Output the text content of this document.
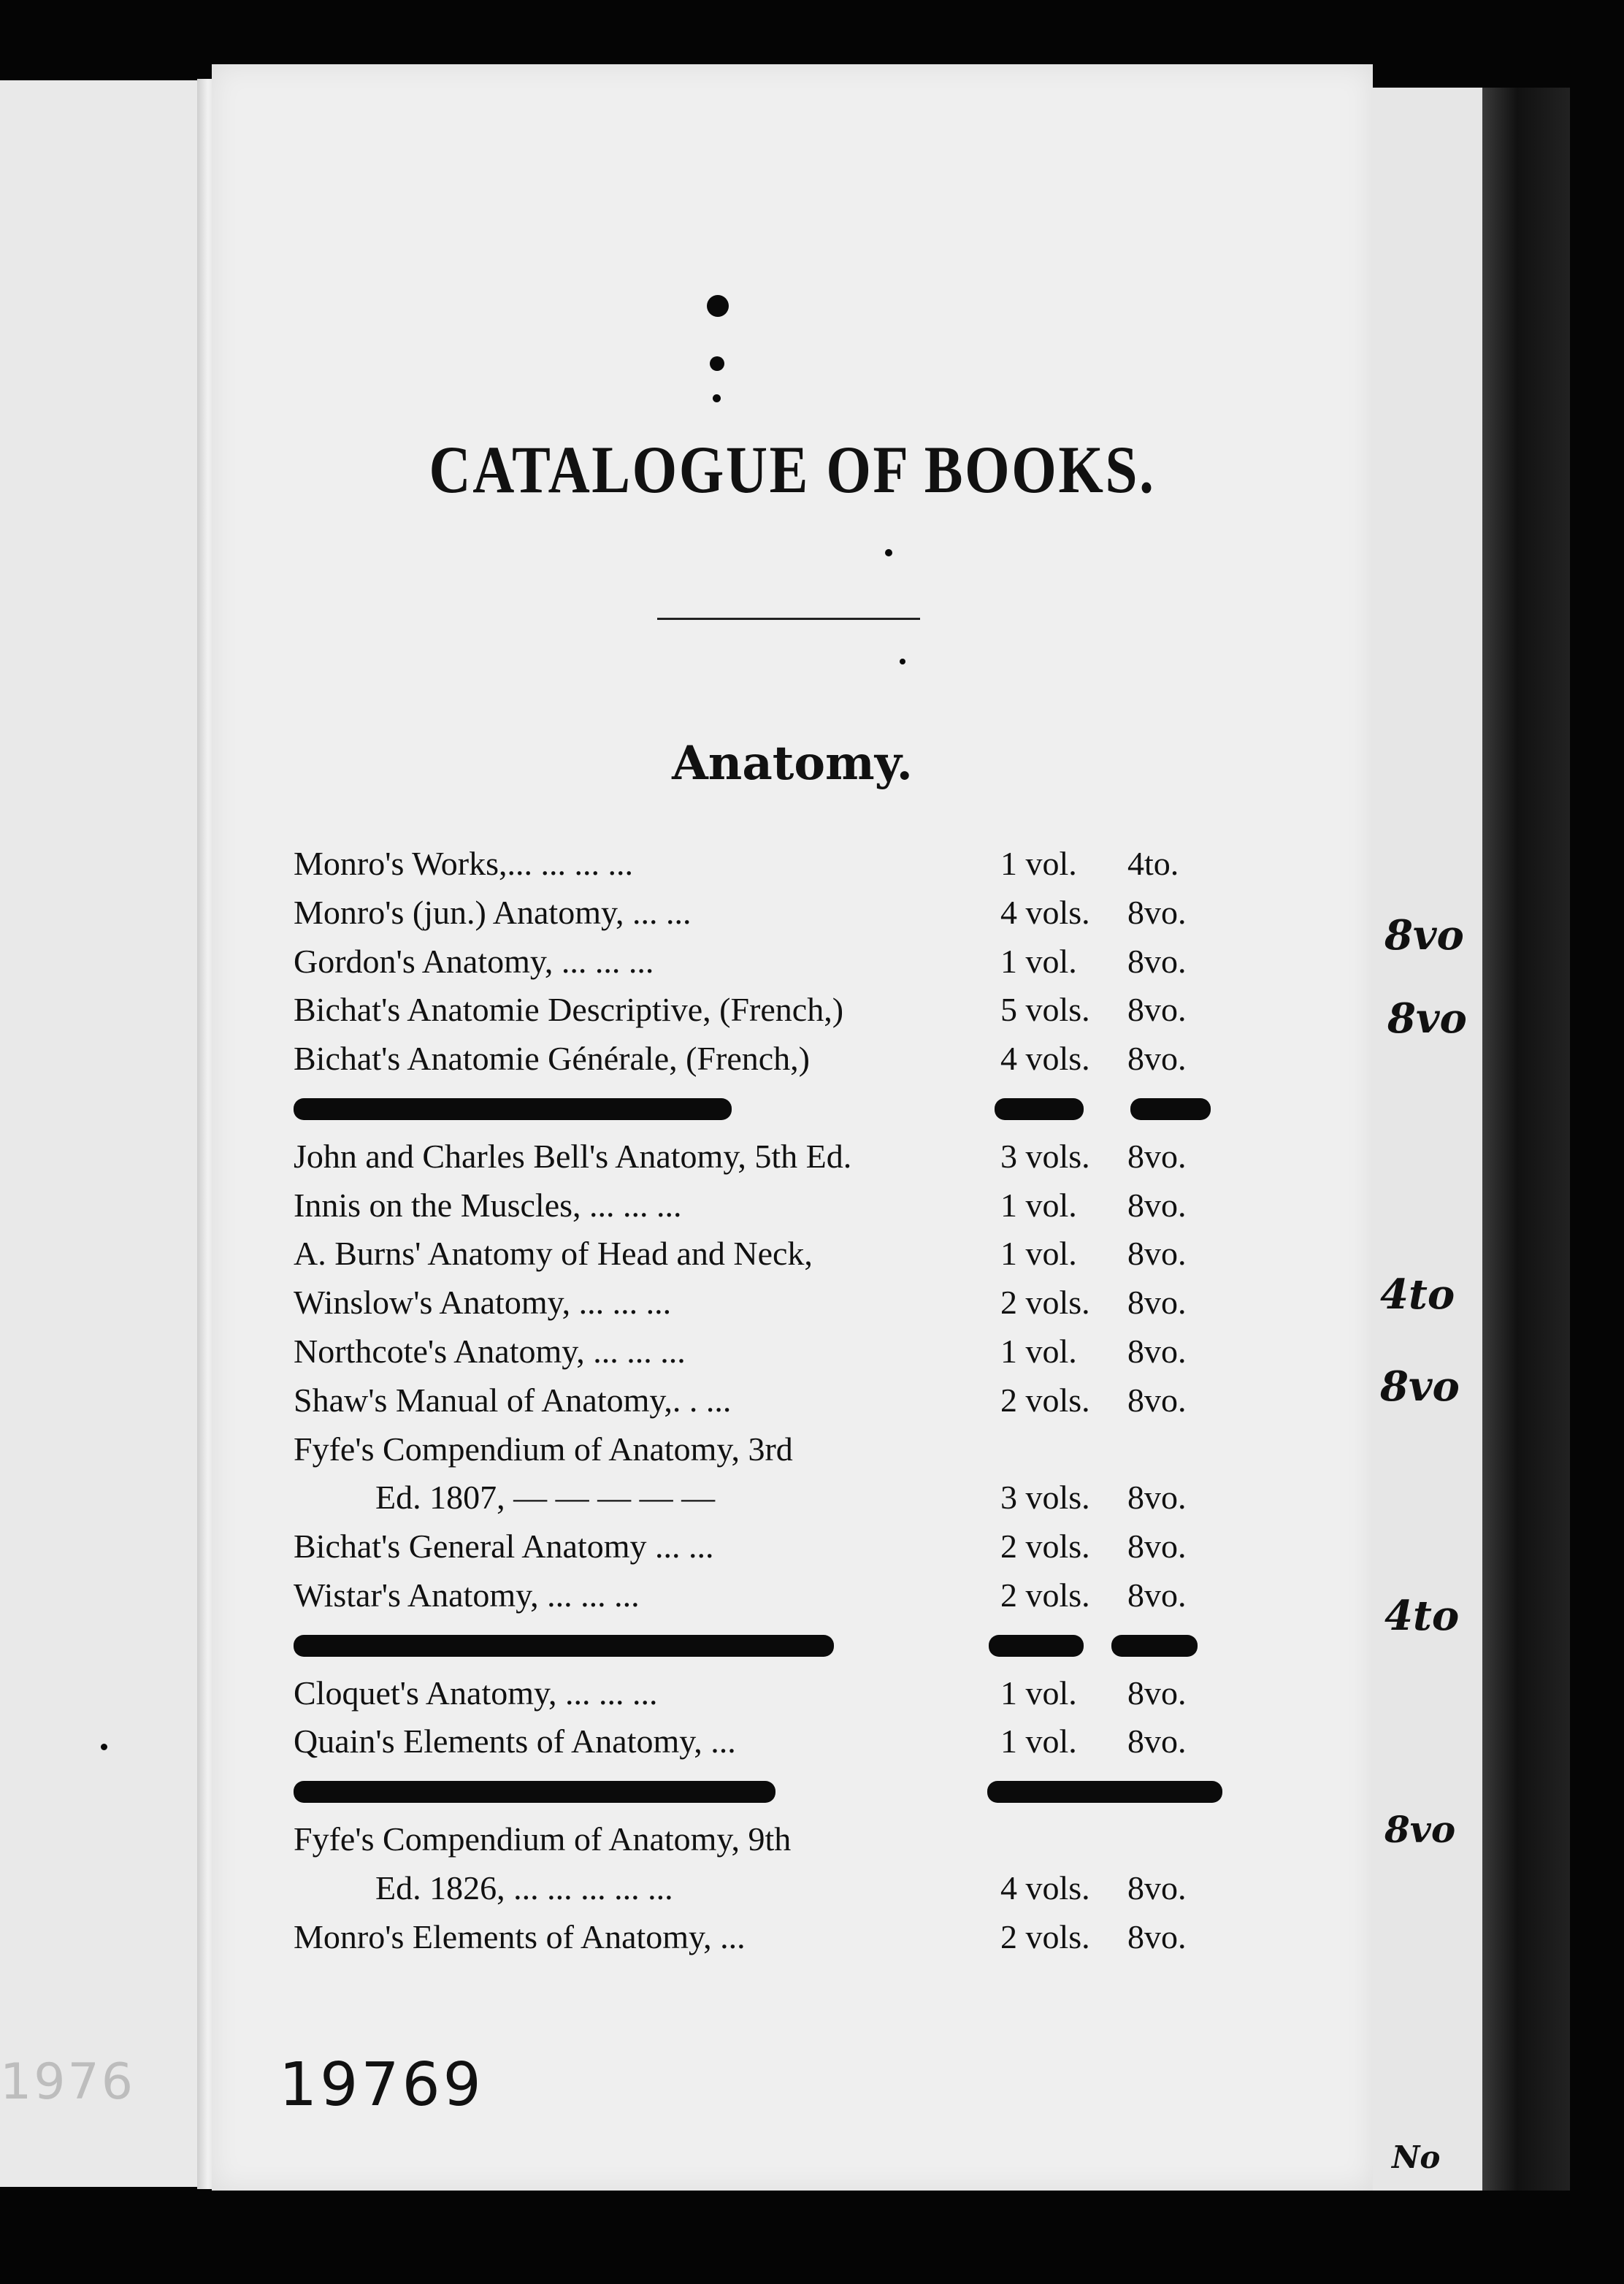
CATALOGUE OF BOOKS.
Anatomy.
Monro's Works,... ... ... ...	1 vol. 4to.
Monro's (jun.) Anatomy, ... ...	4 vols. 8vo.
Gordon's Anatomy, ... ... ...	1 vol. 8vo.
Bichat's Anatomie Descriptive, (French,)	5 vols. 8vo.
Bichat's Anatomie Générale, (French,)	4 vols. 8vo.
John and Charles Bell's Anatomy, 5th Ed.	3 vols. 8vo.
Innis on the Muscles, ... ... ...	1 vol. 8vo.
A. Burns' Anatomy of Head and Neck,	1 vol. 8vo.
Winslow's Anatomy, ... ... ...	2 vols. 8vo.
Northcote's Anatomy, ... ... ...	1 vol. 8vo.
Shaw's Manual of Anatomy,. . ...	2 vols. 8vo.
Fyfe's Compendium of Anatomy, 3rd
Ed. 1807, — — — — —	3 vols. 8vo.
Bichat's General Anatomy ... ...	2 vols. 8vo.
Wistar's Anatomy, ... ... ...	2 vols. 8vo.
Cloquet's Anatomy, ... ... ...	1 vol. 8vo.
Quain's Elements of Anatomy, ...	1 vol. 8vo.
Fyfe's Compendium of Anatomy, 9th
Ed. 1826, ... ... ... ... ...	4 vols. 8vo.
Monro's Elements of Anatomy, ...	2 vols. 8vo.
19769
1976
8vo
8vo
4to
8vo
4to
8vo
No
